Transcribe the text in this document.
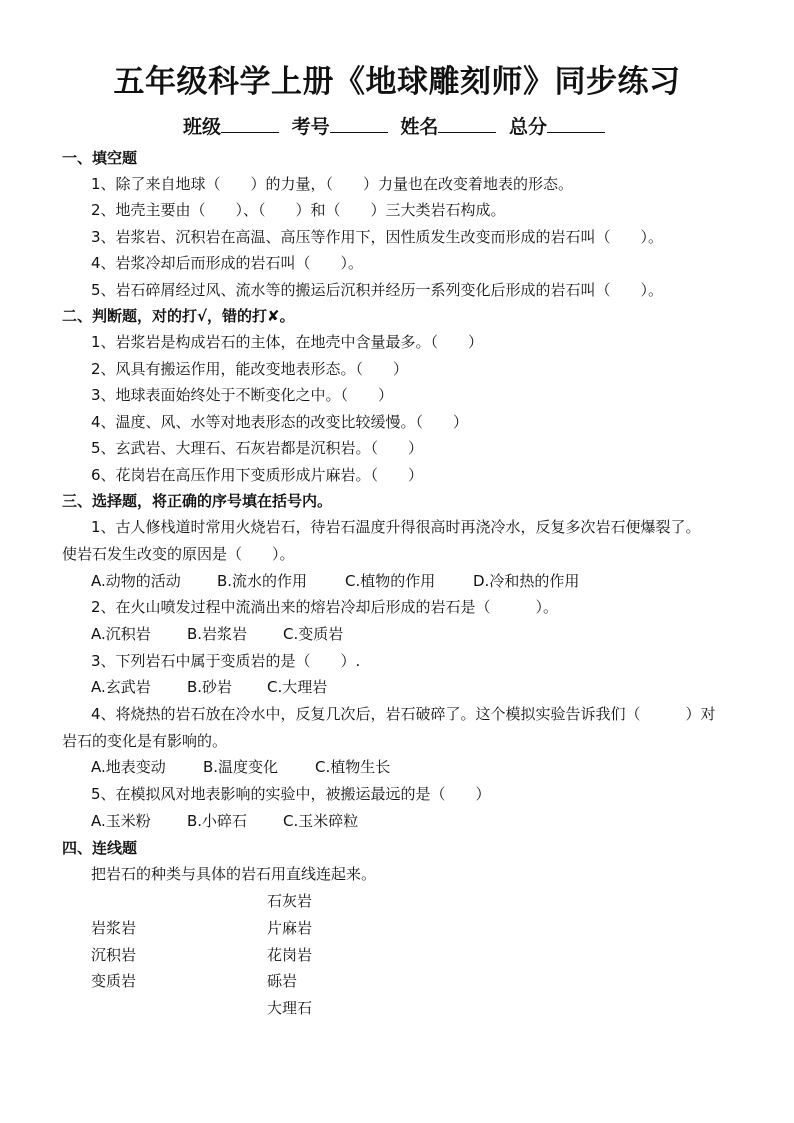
五年级科学上册《地球雕刻师》同步练习
班级	考号	姓名	总分
一、填空题
1、除了来自地球（　　）的力量，（　　）力量也在改变着地表的形态。
2、地壳主要由（　　）、（　　）和（　　）三大类岩石构成。
3、岩浆岩、沉积岩在高温、高压等作用下，因性质发生改变而形成的岩石叫（　　）。
4、岩浆冷却后而形成的岩石叫（　　）。
5、岩石碎屑经过风、流水等的搬运后沉积并经历一系列变化后形成的岩石叫（　　）。
二、判断题，对的打√，错的打✘。
1、岩浆岩是构成岩石的主体，在地壳中含量最多。（　　）
2、风具有搬运作用，能改变地表形态。（　　）
3、地球表面始终处于不断变化之中。（　　）
4、温度、风、水等对地表形态的改变比较缓慢。（　　）
5、玄武岩、大理石、石灰岩都是沉积岩。（　　）
6、花岗岩在高压作用下变质形成片麻岩。（　　）
三、选择题，将正确的序号填在括号内。
1、古人修栈道时常用火烧岩石，待岩石温度升得很高时再浇冷水，反复多次岩石便爆裂了。
使岩石发生改变的原因是（　　）。
A.动物的活动 B.流水的作用	C.植物的作用	D.冷和热的作用
2、在火山喷发过程中流淌出来的熔岩冷却后形成的岩石是（　　　）。
A.沉积岩 B.岩浆岩 C.变质岩
3、下列岩石中属于变质岩的是（　　）.
A.玄武岩 B.砂岩 C.大理岩
4、将烧热的岩石放在冷水中，反复几次后，岩石破碎了。这个模拟实验告诉我们（　　　）对
岩石的变化是有影响的。
A.地表变动 B.温度变化 C.植物生长
5、在模拟风对地表影响的实验中，被搬运最远的是（　　）
A.玉米粉 B.小碎石 C.玉米碎粒
四、连线题
把岩石的种类与具体的岩石用直线连起来。
石灰岩
岩浆岩	片麻岩
沉积岩	花岗岩
变质岩	砾岩
大理石
